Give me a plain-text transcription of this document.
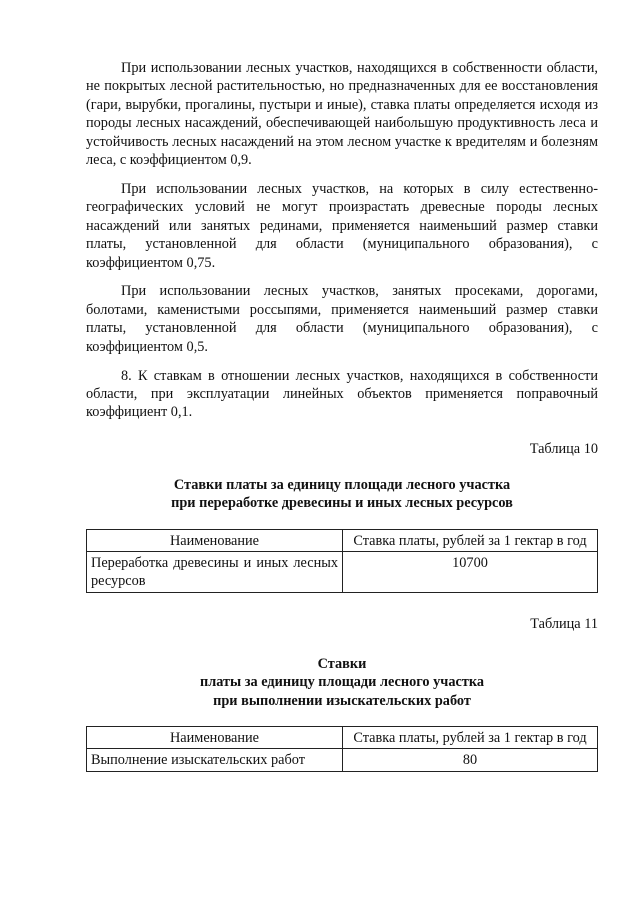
При использовании лесных участков, находящихся в собственности области, не покрытых лесной растительностью, но предназначенных для ее восстановления (гари, вырубки, прогалины, пустыри и иные), ставка платы определяется исходя из породы лесных насаждений, обеспечивающей наибольшую продуктивность леса и устойчивость лесных насаждений на этом лесном участке к вредителям и болезням леса, с коэффициентом 0,9.

При использовании лесных участков, на которых в силу естественно-географических условий не могут произрастать древесные породы лесных насаждений или занятых рединами, применяется наименьший размер ставки платы, установленной для области (муниципального образования), с коэффициентом 0,75.

При использовании лесных участков, занятых просеками, дорогами, болотами, каменистыми россыпями, применяется наименьший размер ставки платы, установленной для области (муниципального образования), с коэффициентом 0,5.

8. К ставкам в отношении лесных участков, находящихся в собственности области, при эксплуатации линейных объектов применяется поправочный коэффициент 0,1.

Таблица 10
Ставки платы за единицу площади лесного участка
при переработке древесины и иных лесных ресурсов
Наименование	Ставка платы, рублей за 1 гектар в год
Переработка древесины и иных лесных ресурсов	10700
Таблица 11
Ставки
платы за единицу площади лесного участка
при выполнении изыскательских работ
Наименование	Ставка платы, рублей за 1 гектар в год
Выполнение изыскательских работ	80
